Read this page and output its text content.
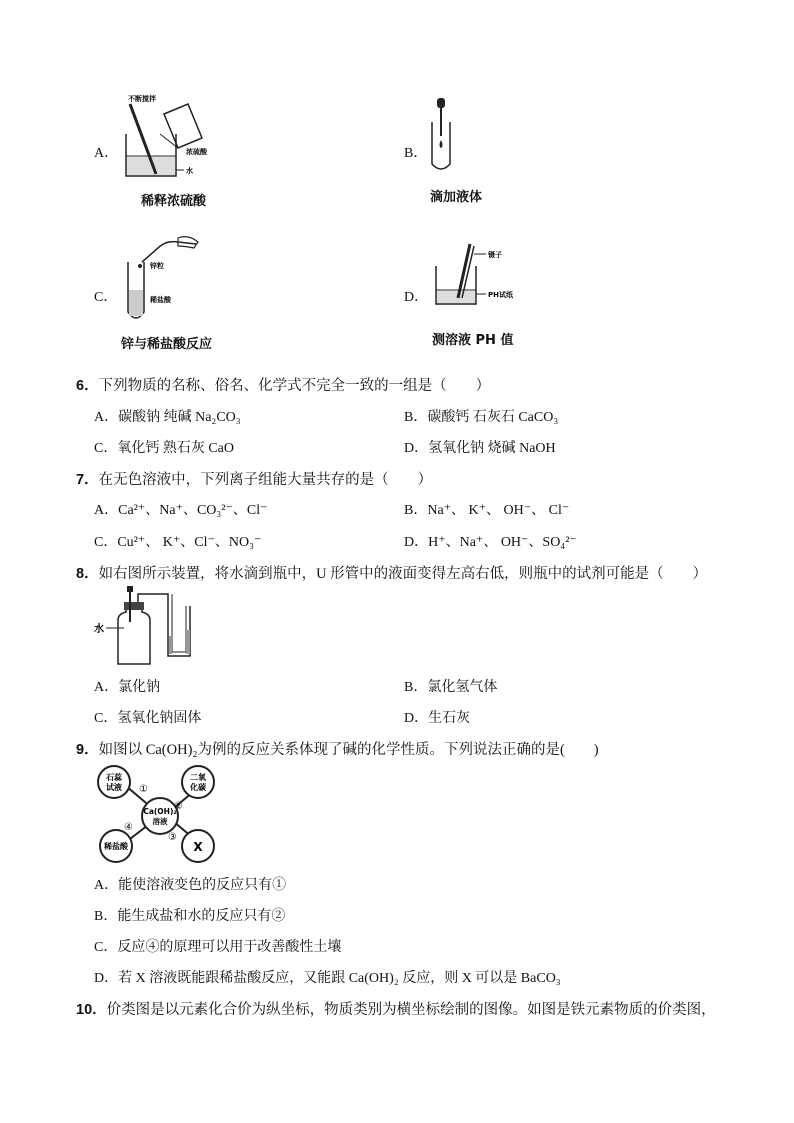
A．
不断搅拌
浓硫酸
水
稀释浓硫酸
B．
滴加液体
C．
锌粒
稀盐酸
锌与稀盐酸反应
D．
镊子
PH试纸
测溶液 PH 值
6．下列物质的名称、俗名、化学式不完全一致的一组是（　　）
A．碳酸钠 纯碱 Na₂CO₃	B．碳酸钙 石灰石 CaCO₃
C．氧化钙 熟石灰 CaO	D．氢氧化钠 烧碱 NaOH
7．在无色溶液中，下列离子组能大量共存的是（　　）
A．Ca²⁺、Na⁺、CO₃²⁻、Cl⁻	B．Na⁺、 K⁺、 OH⁻、 Cl⁻
C．Cu²⁺、 K⁺、Cl⁻、NO₃⁻	D．H⁺、Na⁺、 OH⁻、SO₄²⁻
8．如右图所示装置，将水滴到瓶中，U 形管中的液面变得左高右低，则瓶中的试剂可能是（　　）
水
A．氯化钠	B．氯化氢气体
C．氢氧化钠固体	D．生石灰
9．如图以 Ca(OH)₂为例的反应关系体现了碱的化学性质。下列说法正确的是(　　)
石蕊
试液
二氧
化碳
Ca(OH)₂
溶液
稀盐酸	X
①
②
③
④
A．能使溶液变色的反应只有①
B．能生成盐和水的反应只有②
C．反应④的原理可以用于改善酸性土壤
D．若 X 溶液既能跟稀盐酸反应，又能跟 Ca(OH)₂ 反应，则 X 可以是 BaCO₃
10．价类图是以元素化合价为纵坐标，物质类别为横坐标绘制的图像。如图是铁元素物质的价类图，
